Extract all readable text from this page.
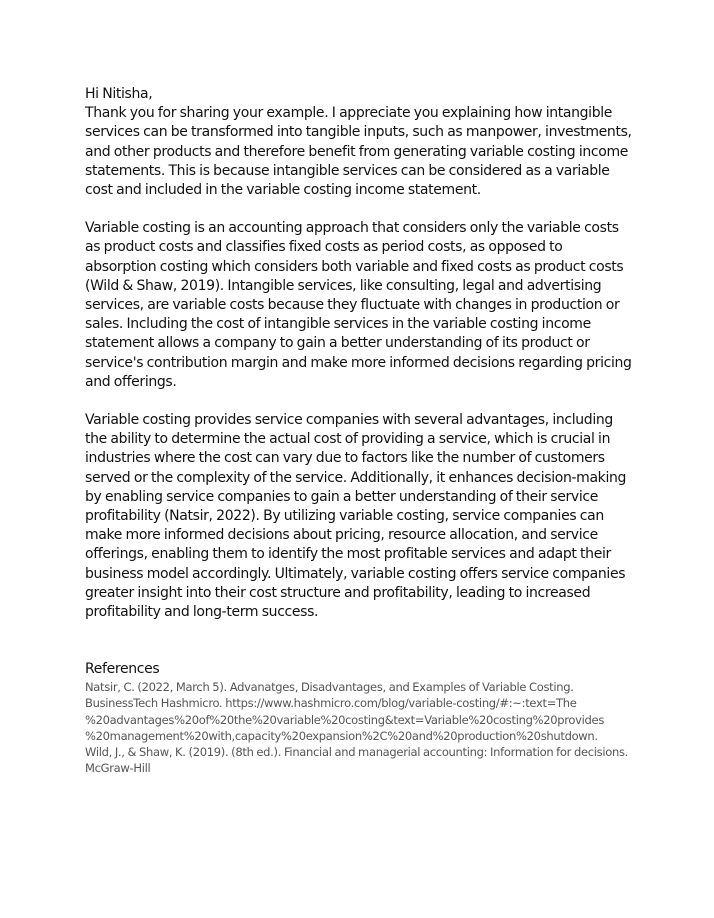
Hi Nitisha,

Thank you for sharing your example. I appreciate you explaining how intangible services can be transformed into tangible inputs, such as manpower, investments, and other products and therefore benefit from generating variable costing income statements. This is because intangible services can be considered as a variable cost and included in the variable costing income statement.

Variable costing is an accounting approach that considers only the variable costs as product costs and classifies fixed costs as period costs, as opposed to absorption costing which considers both variable and fixed costs as product costs (Wild & Shaw, 2019). Intangible services, like consulting, legal and advertising services, are variable costs because they fluctuate with changes in production or sales. Including the cost of intangible services in the variable costing income statement allows a company to gain a better understanding of its product or service's contribution margin and make more informed decisions regarding pricing and offerings.

Variable costing provides service companies with several advantages, including the ability to determine the actual cost of providing a service, which is crucial in industries where the cost can vary due to factors like the number of customers served or the complexity of the service. Additionally, it enhances decision-making by enabling service companies to gain a better understanding of their service profitability (Natsir, 2022). By utilizing variable costing, service companies can make more informed decisions about pricing, resource allocation, and service offerings, enabling them to identify the most profitable services and adapt their business model accordingly. Ultimately, variable costing offers service companies greater insight into their cost structure and profitability, leading to increased profitability and long-term success.

References

Natsir, C. (2022, March 5). Advanatges, Disadvantages, and Examples of Variable Costing.
BusinessTech Hashmicro. https://www.hashmicro.com/blog/variable-costing/#:~:text=The
%20advantages%20of%20the%20variable%20costing&text=Variable%20costing%20provides
%20management%20with,capacity%20expansion%2C%20and%20production%20shutdown.
Wild, J., & Shaw, K. (2019). (8th ed.). Financial and managerial accounting: Information for decisions.
McGraw-Hill
